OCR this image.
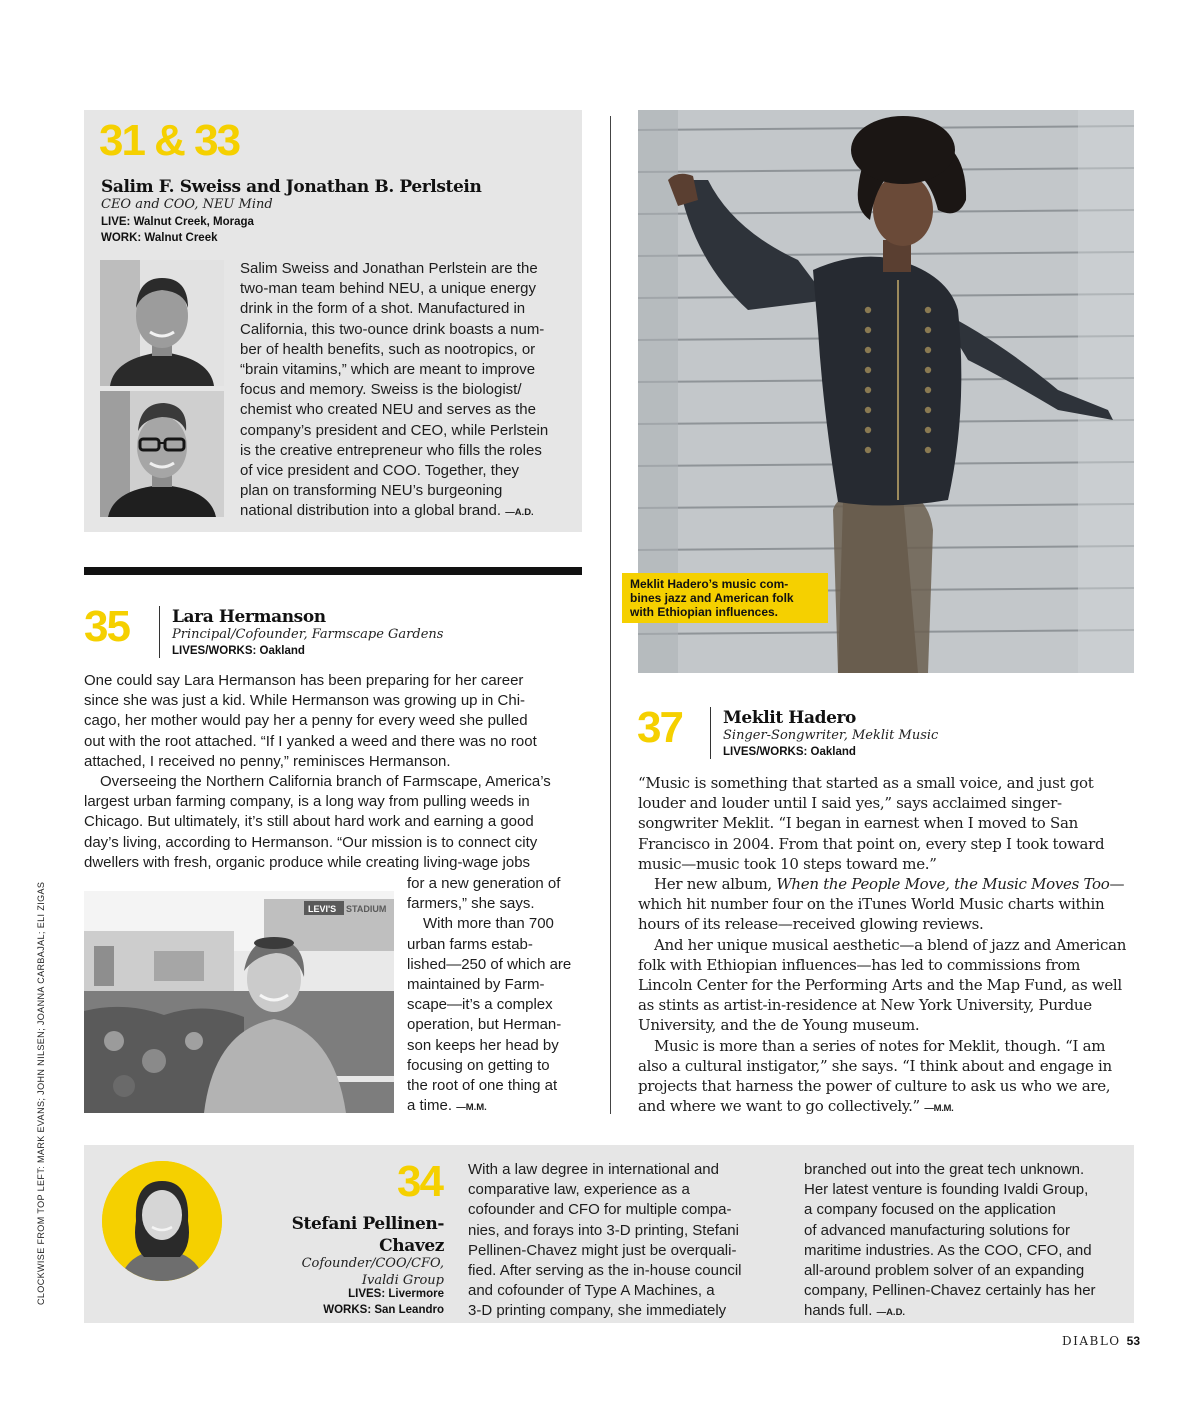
31 & 33
Salim F. Sweiss and Jonathan B. Perlstein
CEO and COO, NEU Mind
LIVE: Walnut Creek, Moraga
WORK: Walnut Creek

Salim Sweiss and Jonathan Perlstein are the

two-man team behind NEU, a unique energy

drink in the form of a shot. Manufactured in

California, this two-ounce drink boasts a num-

ber of health benefits, such as nootropics, or

“brain vitamins,” which are meant to improve

focus and memory. Sweiss is the biologist/

chemist who created NEU and serves as the

company’s president and CEO, while Perlstein

is the creative entrepreneur who fills the roles

of vice president and COO. Together, they

plan on transforming NEU’s burgeoning

national distribution into a global brand. —A.D.

35	Lara Hermanson
Principal/Cofounder, Farmscape Gardens
LIVES/WORKS: Oakland

One could say Lara Hermanson has been preparing for her career

since she was just a kid. While Hermanson was growing up in Chi-

cago, her mother would pay her a penny for every weed she pulled

out with the root attached. “If I yanked a weed and there was no root

attached, I received no penny,” reminisces Hermanson.

Overseeing the Northern California branch of Farmscape, America’s

largest urban farming company, is a long way from pulling weeds in

Chicago. But ultimately, it’s still about hard work and earning a good

day’s living, according to Hermanson. “Our mission is to connect city

dwellers with fresh, organic produce while creating living-wage jobs

LEVI'S STADIUM

for a new generation of

farmers,” she says.

With more than 700

urban farms estab-

lished—250 of which are

maintained by Farm-

scape—it’s a complex

operation, but Herman-

son keeps her head by

focusing on getting to

the root of one thing at

a time. —M.M.

Meklit Hadero’s music com-
bines jazz and American folk
with Ethiopian influences.
37 Meklit Hadero
Singer-Songwriter, Meklit Music
LIVES/WORKS: Oakland
“Music is something that started as a small voice, and just got
louder and louder until I said yes,” says acclaimed singer-
songwriter Meklit. “I began in earnest when I moved to San
Francisco in 2004. From that point on, every step I took toward
music—music took 10 steps toward me.”
Her new album, When the People Move, the Music Moves Too—
which hit number four on the iTunes World Music charts within
hours of its release—received glowing reviews.
And her unique musical aesthetic—a blend of jazz and American
folk with Ethiopian influences—has led to commissions from
Lincoln Center for the Performing Arts and the Map Fund, as well
as stints as artist-in-residence at New York University, Purdue
University, and the de Young museum.
Music is more than a series of notes for Meklit, though. “I am
also a cultural instigator,” she says. “I think about and engage in
projects that harness the power of culture to ask us who we are,
and where we want to go collectively.” —M.M.
34
Stefani Pellinen-
Chavez
Cofounder/COO/CFO,
Ivaldi Group
LIVES: Livermore
WORKS: San Leandro

With a law degree in international and

comparative law, experience as a

cofounder and CFO for multiple compa-

nies, and forays into 3-D printing, Stefani

Pellinen-Chavez might just be overquali-

fied. After serving as the in-house council

and cofounder of Type A Machines, a

3-D printing company, she immediately

branched out into the great tech unknown.

Her latest venture is founding Ivaldi Group,

a company focused on the application

of advanced manufacturing solutions for

maritime industries. As the COO, CFO, and

all-around problem solver of an expanding

company, Pellinen-Chavez certainly has her

hands full. —A.D.

CLOCKWISE FROM TOP LEFT: MARK EVANS; JOHN NILSEN; JOANNA CARBAJAL; ELI ZIGAS
DIABLO 53
